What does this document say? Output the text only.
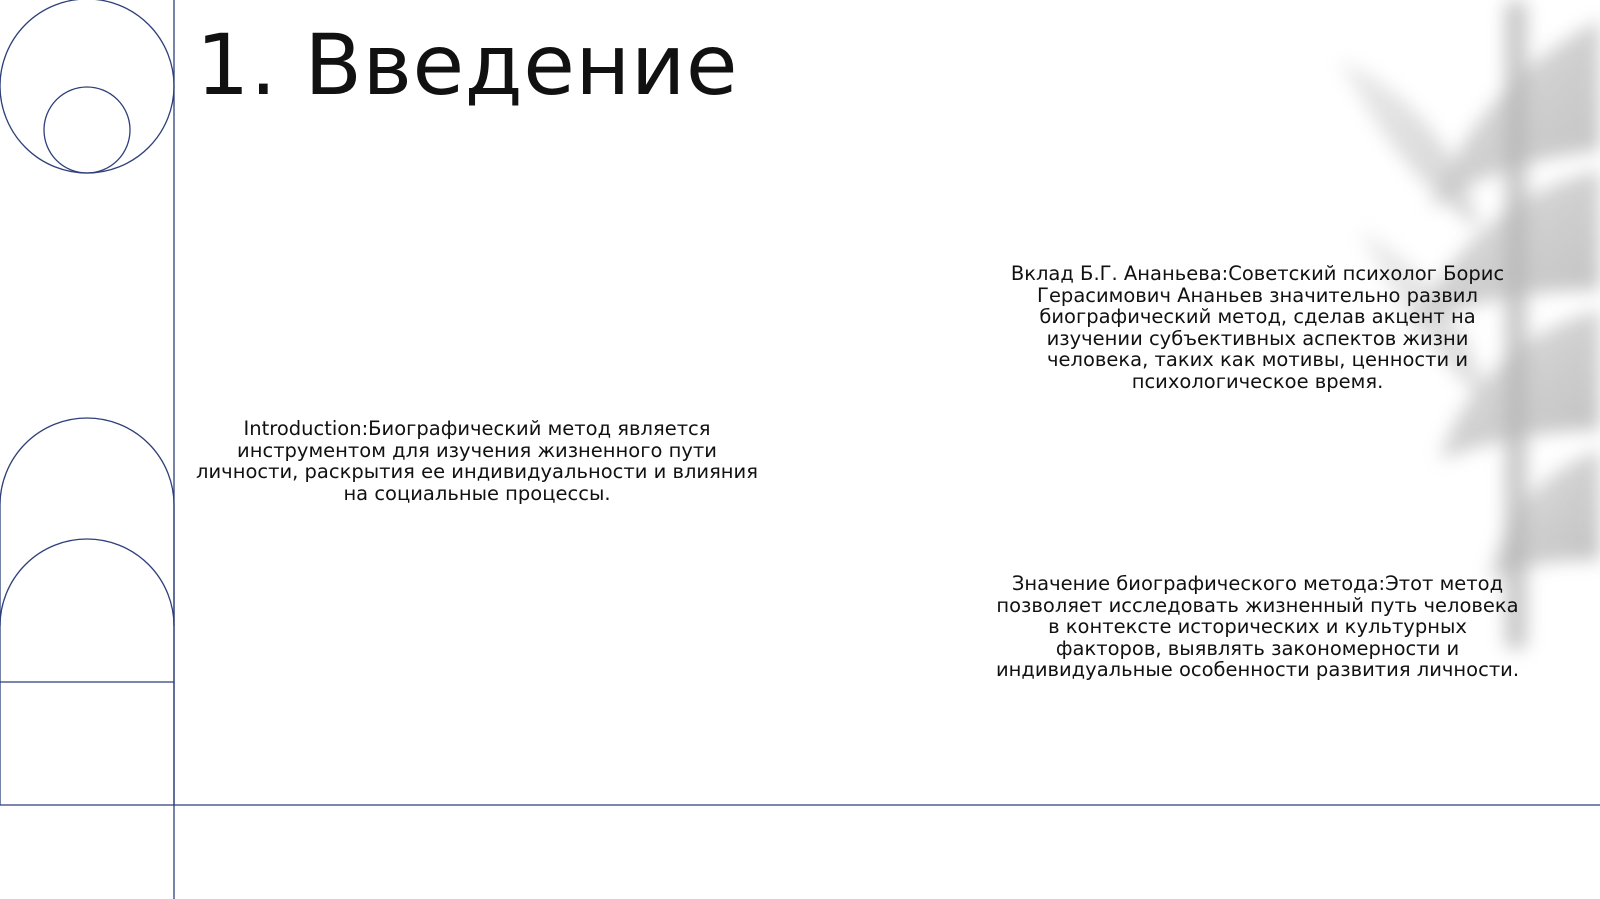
1. Введение

Introduction:Биографический метод является инструментом для изучения жизненного пути личности, раскрытия ее индивидуальности и влияния на социальные процессы.

Вклад Б.Г. Ананьева:Советский психолог Борис Герасимович Ананьев значительно развил биографический метод, сделав акцент на изучении субъективных аспектов жизни человека, таких как мотивы, ценности и психологическое время.

Значение биографического метода:Этот метод позволяет исследовать жизненный путь человека в контексте исторических и культурных факторов, выявлять закономерности и индивидуальные особенности развития личности.
